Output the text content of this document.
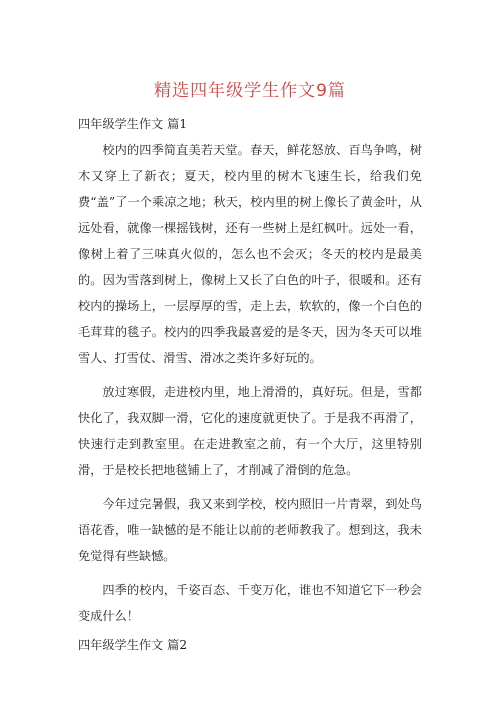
精选四年级学生作文9篇
四年级学生作文 篇1

校内的四季简直美若天堂。春天，鲜花怒放、百鸟争鸣，树木又穿上了新衣；夏天，校内里的树木飞速生长，给我们免费“盖”了一个乘凉之地；秋天，校内里的树上像长了黄金叶，从远处看，就像一棵摇钱树，还有一些树上是红枫叶。远处一看，像树上着了三味真火似的，怎么也不会灭；冬天的校内是最美的。因为雪落到树上，像树上又长了白色的叶子，很暖和。还有校内的操场上，一层厚厚的雪，走上去，软软的，像一个白色的毛茸茸的毯子。校内的四季我最喜爱的是冬天，因为冬天可以堆雪人、打雪仗、滑雪、滑冰之类许多好玩的。

放过寒假，走进校内里，地上滑滑的，真好玩。但是，雪都快化了，我双脚一滑，它化的速度就更快了。于是我不再滑了，快速行走到教室里。在走进教室之前，有一个大厅，这里特别滑，于是校长把地毯铺上了，才削减了滑倒的危急。

今年过完暑假，我又来到学校，校内照旧一片青翠，到处鸟语花香，唯一缺憾的是不能让以前的老师教我了。想到这，我未免觉得有些缺憾。

四季的校内，千姿百态、千变万化，谁也不知道它下一秒会变成什么！

四年级学生作文 篇2
